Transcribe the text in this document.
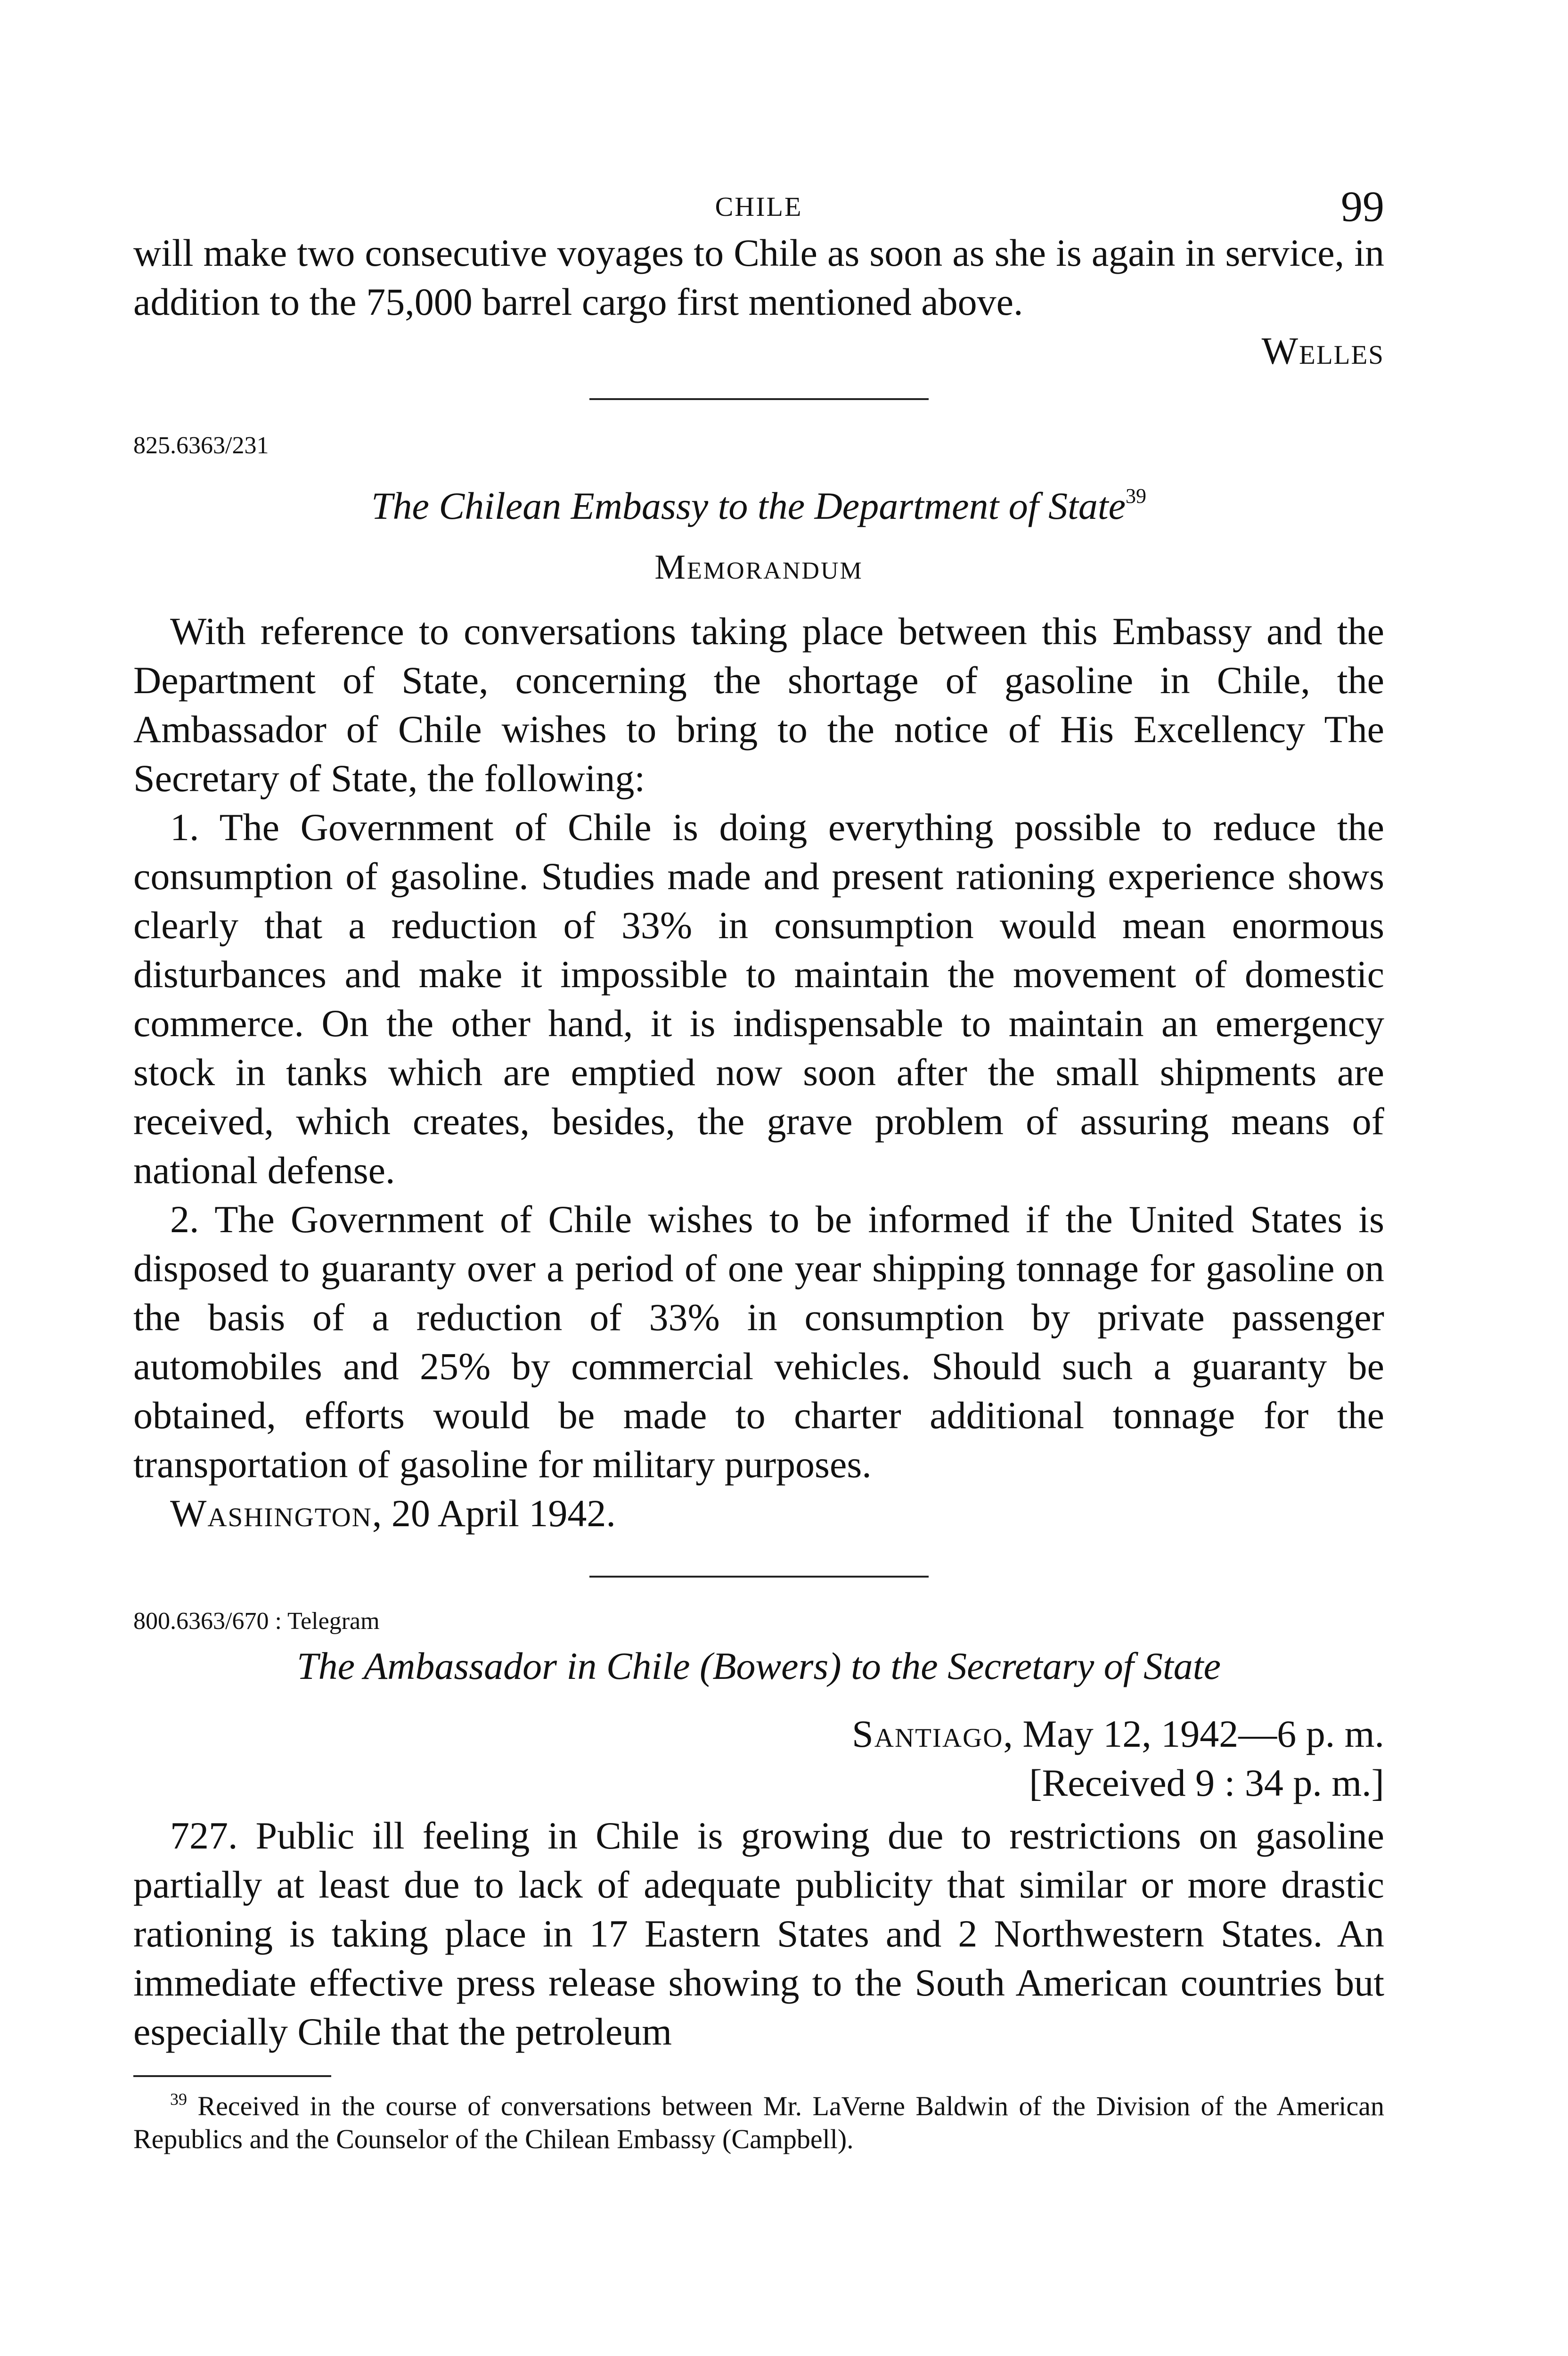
CHILE	99

will make two consecutive voyages to Chile as soon as she is again in service, in addition to the 75,000 barrel cargo first mentioned above.

Welles

825.6363/231

The Chilean Embassy to the Department of State$^{39}$
Memorandum

With reference to conversations taking place between this Embassy and the Department of State, concerning the shortage of gasoline in Chile, the Ambassador of Chile wishes to bring to the notice of His Excellency The Secretary of State, the following:

1. The Government of Chile is doing everything possible to reduce the consumption of gasoline. Studies made and present rationing experience shows clearly that a reduction of 33% in consumption would mean enormous disturbances and make it impossible to maintain the movement of domestic commerce. On the other hand, it is indispensable to maintain an emergency stock in tanks which are emptied now soon after the small shipments are received, which creates, besides, the grave problem of assuring means of national defense.

2. The Government of Chile wishes to be informed if the United States is disposed to guaranty over a period of one year shipping tonnage for gasoline on the basis of a reduction of 33% in consumption by private passenger automobiles and 25% by commercial vehicles. Should such a guaranty be obtained, efforts would be made to charter additional tonnage for the transportation of gasoline for military purposes.

Washington, 20 April 1942.

800.6363/670 : Telegram

The Ambassador in Chile (Bowers) to the Secretary of State

Santiago, May 12, 1942—6 p. m.

[Received 9 : 34 p. m.]

727. Public ill feeling in Chile is growing due to restrictions on gasoline partially at least due to lack of adequate publicity that similar or more drastic rationing is taking place in 17 Eastern States and 2 Northwestern States. An immediate effective press release showing to the South American countries but especially Chile that the petroleum

$^{39}$ Received in the course of conversations between Mr. LaVerne Baldwin of the Division of the American Republics and the Counselor of the Chilean Embassy (Campbell).
